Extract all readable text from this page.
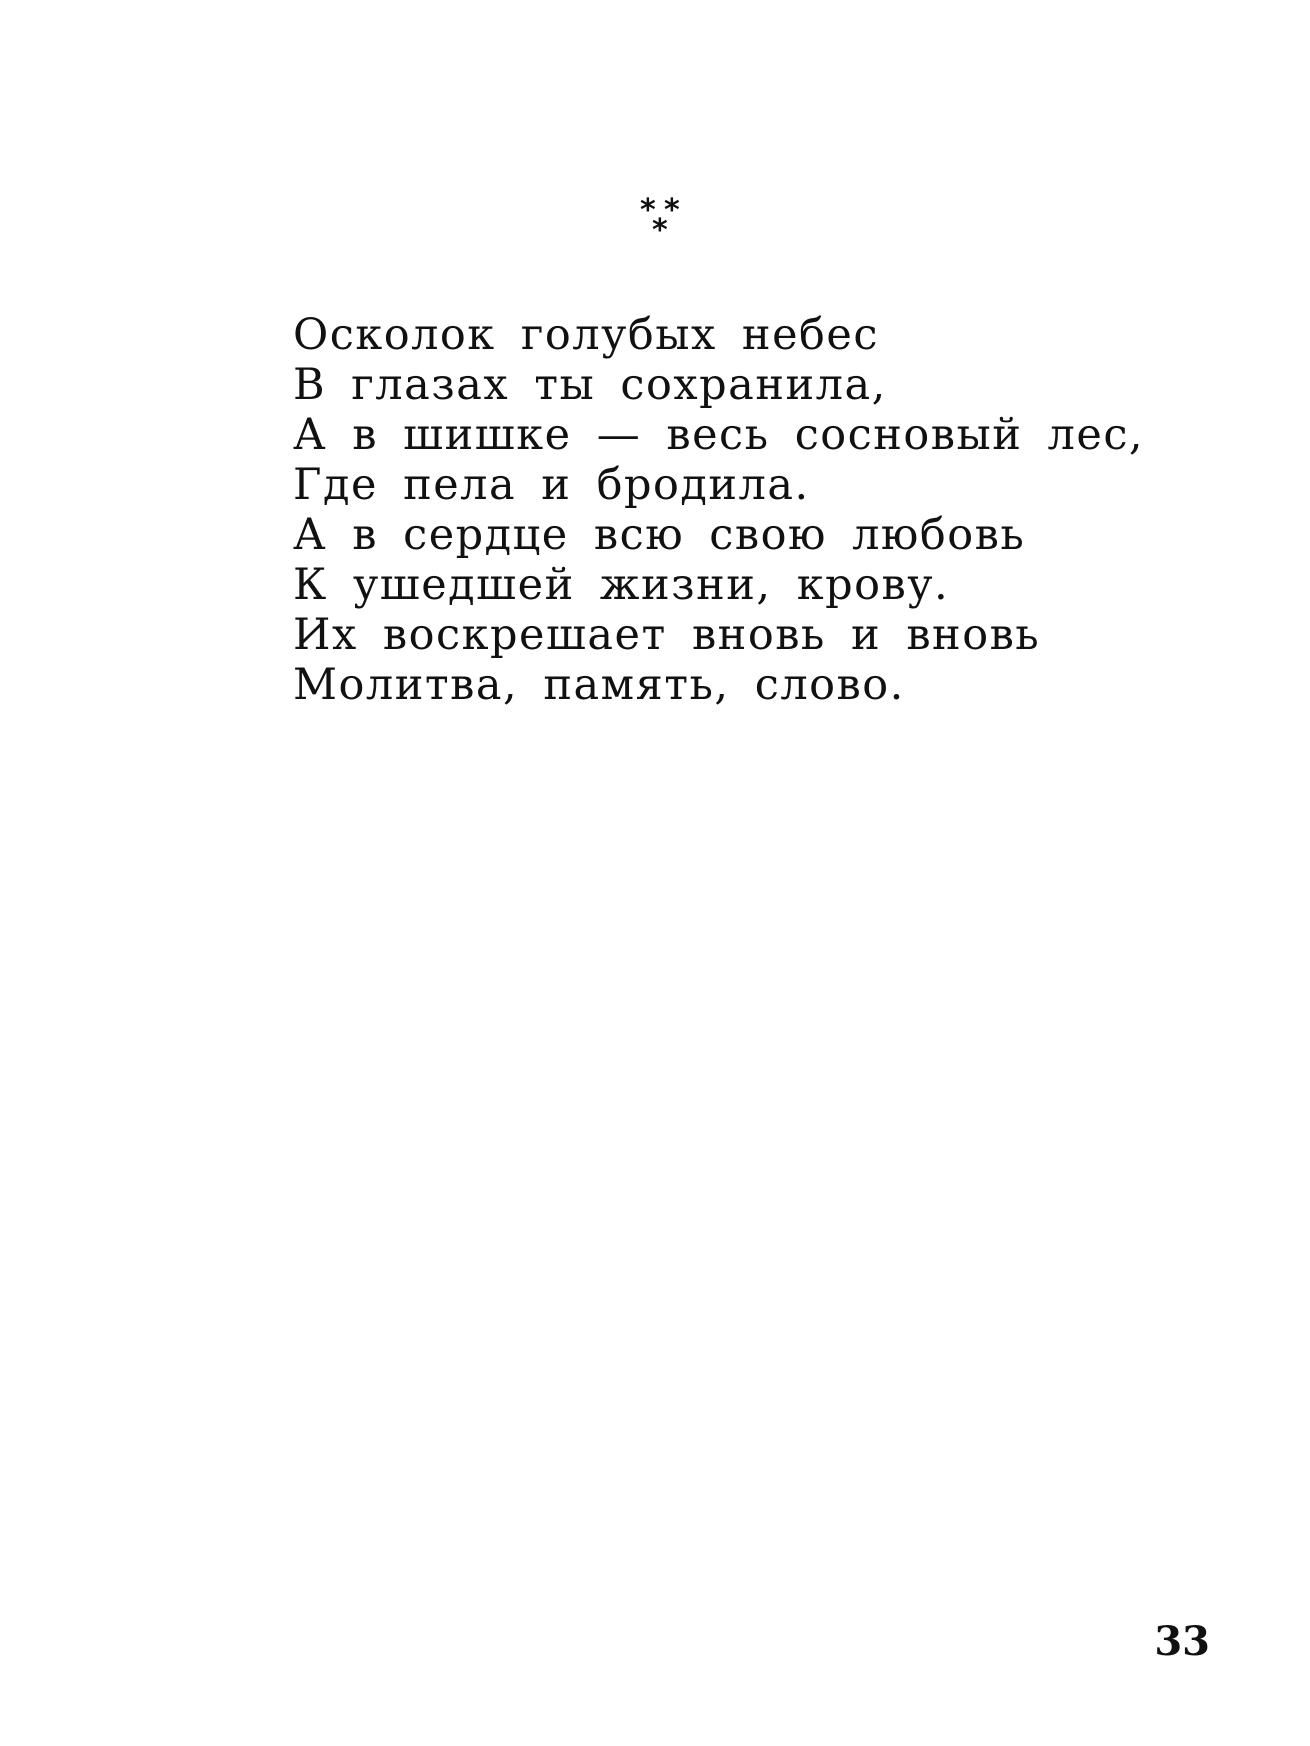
* *
*
Осколок голубых небес
В глазах ты сохранила,
А в шишке — весь сосновый лес,
Где пела и бродила.
А в сердце всю свою любовь
К ушедшей жизни, крову.
Их воскрешает вновь и вновь
Молитва, память, слово.
33
